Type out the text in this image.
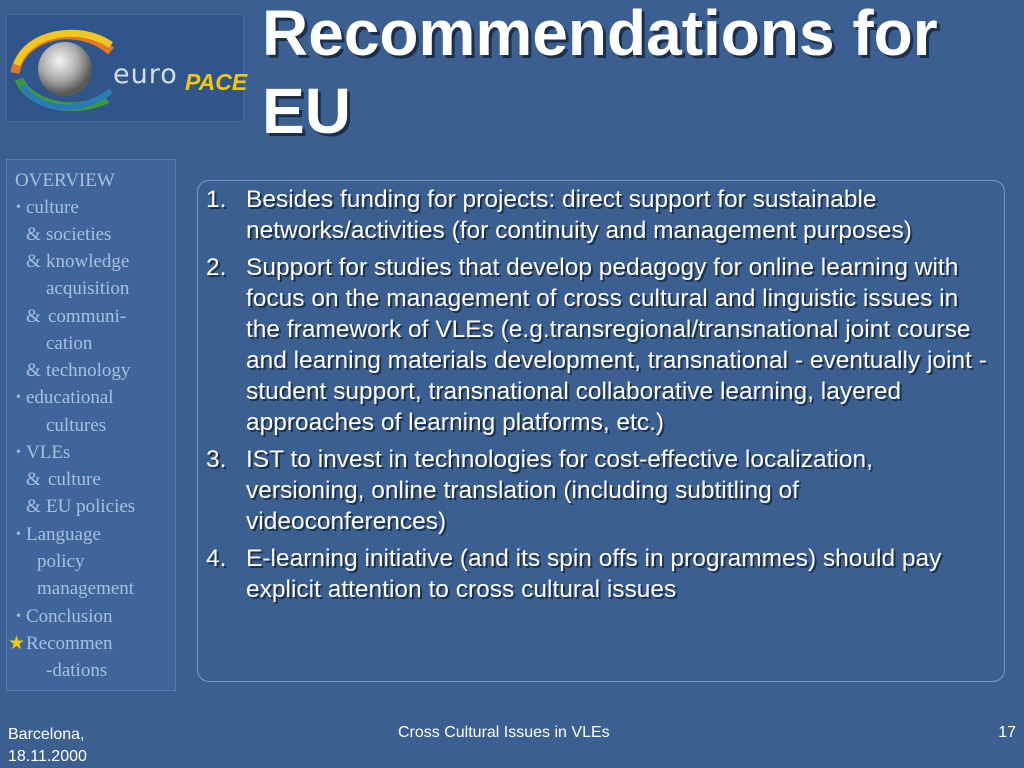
euro PACE
Recommendations for EU
OVERVIEW
• culture
& societies
& knowledge
acquisition
& communi-
cation
& technology
• educational
cultures
• VLEs
& culture
& EU policies
• Language
policy
management
• Conclusion
★ Recommen
-dations
1. Besides funding for projects: direct support for sustainable networks/activities (for continuity and management purposes)
2. Support for studies that develop pedagogy for online learning with focus on the management of cross cultural and linguistic issues in the framework of VLEs (e.g.transregional/transnational joint course and learning materials development, transnational - eventually joint - student support, transnational collaborative learning, layered approaches of learning platforms, etc.)
3. IST to invest in technologies for cost-effective localization, versioning, online translation (including subtitling of videoconferences)
4. E-learning initiative (and its spin offs in programmes) should pay explicit attention to cross cultural issues
Barcelona,
18.11.2000
Cross Cultural Issues in VLEs	17
